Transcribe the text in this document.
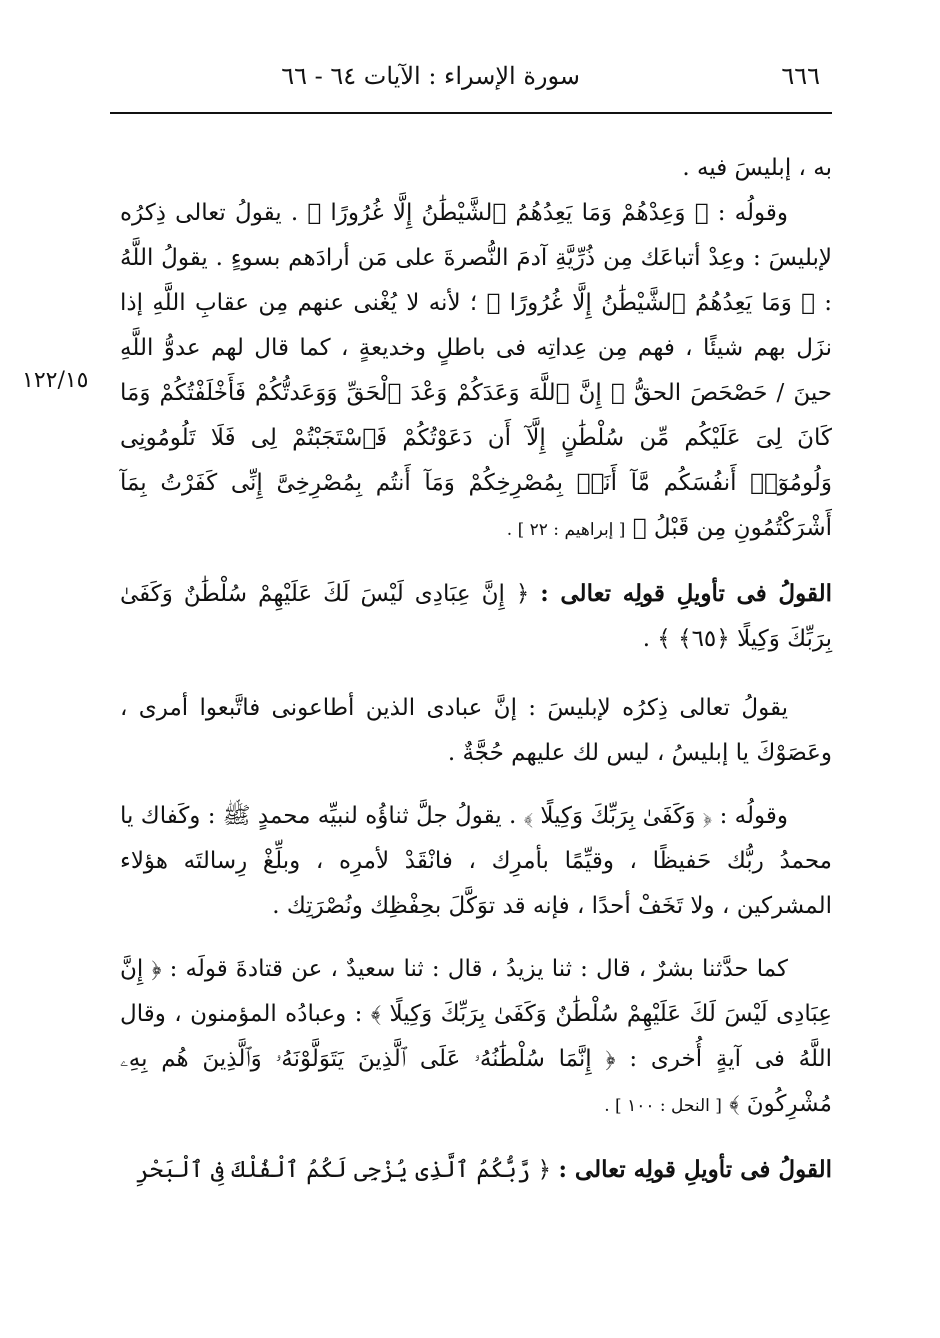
٦٦٦
سورة الإسراء : الآيات ٦٤ - ٦٦
١٢٢/١٥

به ، إبليسَ فيه .

وقولُه : ﴿ وَعِدْهُمْ وَمَا يَعِدُهُمُ ٱلشَّيْطَٰنُ إِلَّا غُرُورًا ﴾ . يقولُ تعالى ذِكرُه لإبليسَ : وعِدْ أتباعَك مِن ذُرِّيَّةِ آدمَ النُّصرةَ على مَن أرادَهم بسوءٍ . يقولُ اللَّهُ : ﴿ وَمَا يَعِدُهُمُ ٱلشَّيْطَٰنُ إِلَّا غُرُورًا ﴾ ؛ لأنه لا يُغْنى عنهم مِن عقابِ اللَّهِ إذا نزَل بهم شيئًا ، فهم مِن عِداتِه فى باطلٍ وخديعةٍ ، كما قال لهم عدوُّ اللَّهِ حينَ / حَصْحَصَ الحقُّ ﴿ إِنَّ ٱللَّهَ وَعَدَكُمْ وَعْدَ ٱلْحَقِّ وَوَعَدتُّكُمْ فَأَخْلَفْتُكُمْ وَمَا كَانَ لِىَ عَلَيْكُم مِّن سُلْطَٰنٍ إِلَّآ أَن دَعَوْتُكُمْ فَٱسْتَجَبْتُمْ لِى فَلَا تَلُومُونِى وَلُومُوٓا۟ أَنفُسَكُم مَّآ أَنَا۠ بِمُصْرِخِكُمْ وَمَآ أَنتُم بِمُصْرِخِىَّ إِنِّى كَفَرْتُ بِمَآ أَشْرَكْتُمُونِ مِن قَبْلُ ﴾ [ إبراهيم : ٢٢ ] .

القولُ فى تأويلِ قولِه تعالى : ﴿ إِنَّ عِبَادِى لَيْسَ لَكَ عَلَيْهِمْ سُلْطَٰنٌ وَكَفَىٰ بِرَبِّكَ وَكِيلًا ﴿٦٥﴾ ﴾ .

يقولُ تعالى ذِكرُه لإبليسَ : إنَّ عبادى الذين أطاعونى فاتَّبعوا أمرى ، وعَصَوْكَ يا إبليسُ ، ليس لك عليهم حُجَّةٌ .

وقولُه : ﴿ وَكَفَىٰ بِرَبِّكَ وَكِيلًا ﴾ . يقولُ جلَّ ثناؤُه لنبيِّه محمدٍ ﷺ : وكَفاك يا محمدُ ربُّك حَفيظًا ، وقيِّمًا بأمرِك ، فانْقَدْ لأمرِه ، وبلِّغْ رِسالتَه هؤلاء المشركين ، ولا تَخَفْ أحدًا ، فإنه قد توَكَّلَ بحِفْظِك ونُصْرَتِك .

كما حدَّثنا بشرٌ ، قال : ثنا يزيدُ ، قال : ثنا سعيدٌ ، عن قتادةَ قولَه : ﴿ إِنَّ عِبَادِى لَيْسَ لَكَ عَلَيْهِمْ سُلْطَٰنٌ وَكَفَىٰ بِرَبِّكَ وَكِيلًا ﴾ : وعبادُه المؤمنون ، وقال اللَّهُ فى آيةٍ أُخرى : ﴿ إِنَّمَا سُلْطَٰنُهُۥ عَلَى ٱلَّذِينَ يَتَوَلَّوْنَهُۥ وَٱلَّذِينَ هُم بِهِۦ مُشْرِكُونَ ﴾ [ النحل : ١٠٠ ] .

القولُ فى تأويلِ قولِه تعالى : ﴿ رَّبُّكُمُ ٱلَّذِى يُزْجِى لَكُمُ ٱلْفُلْكَ فِى ٱلْبَحْرِ
